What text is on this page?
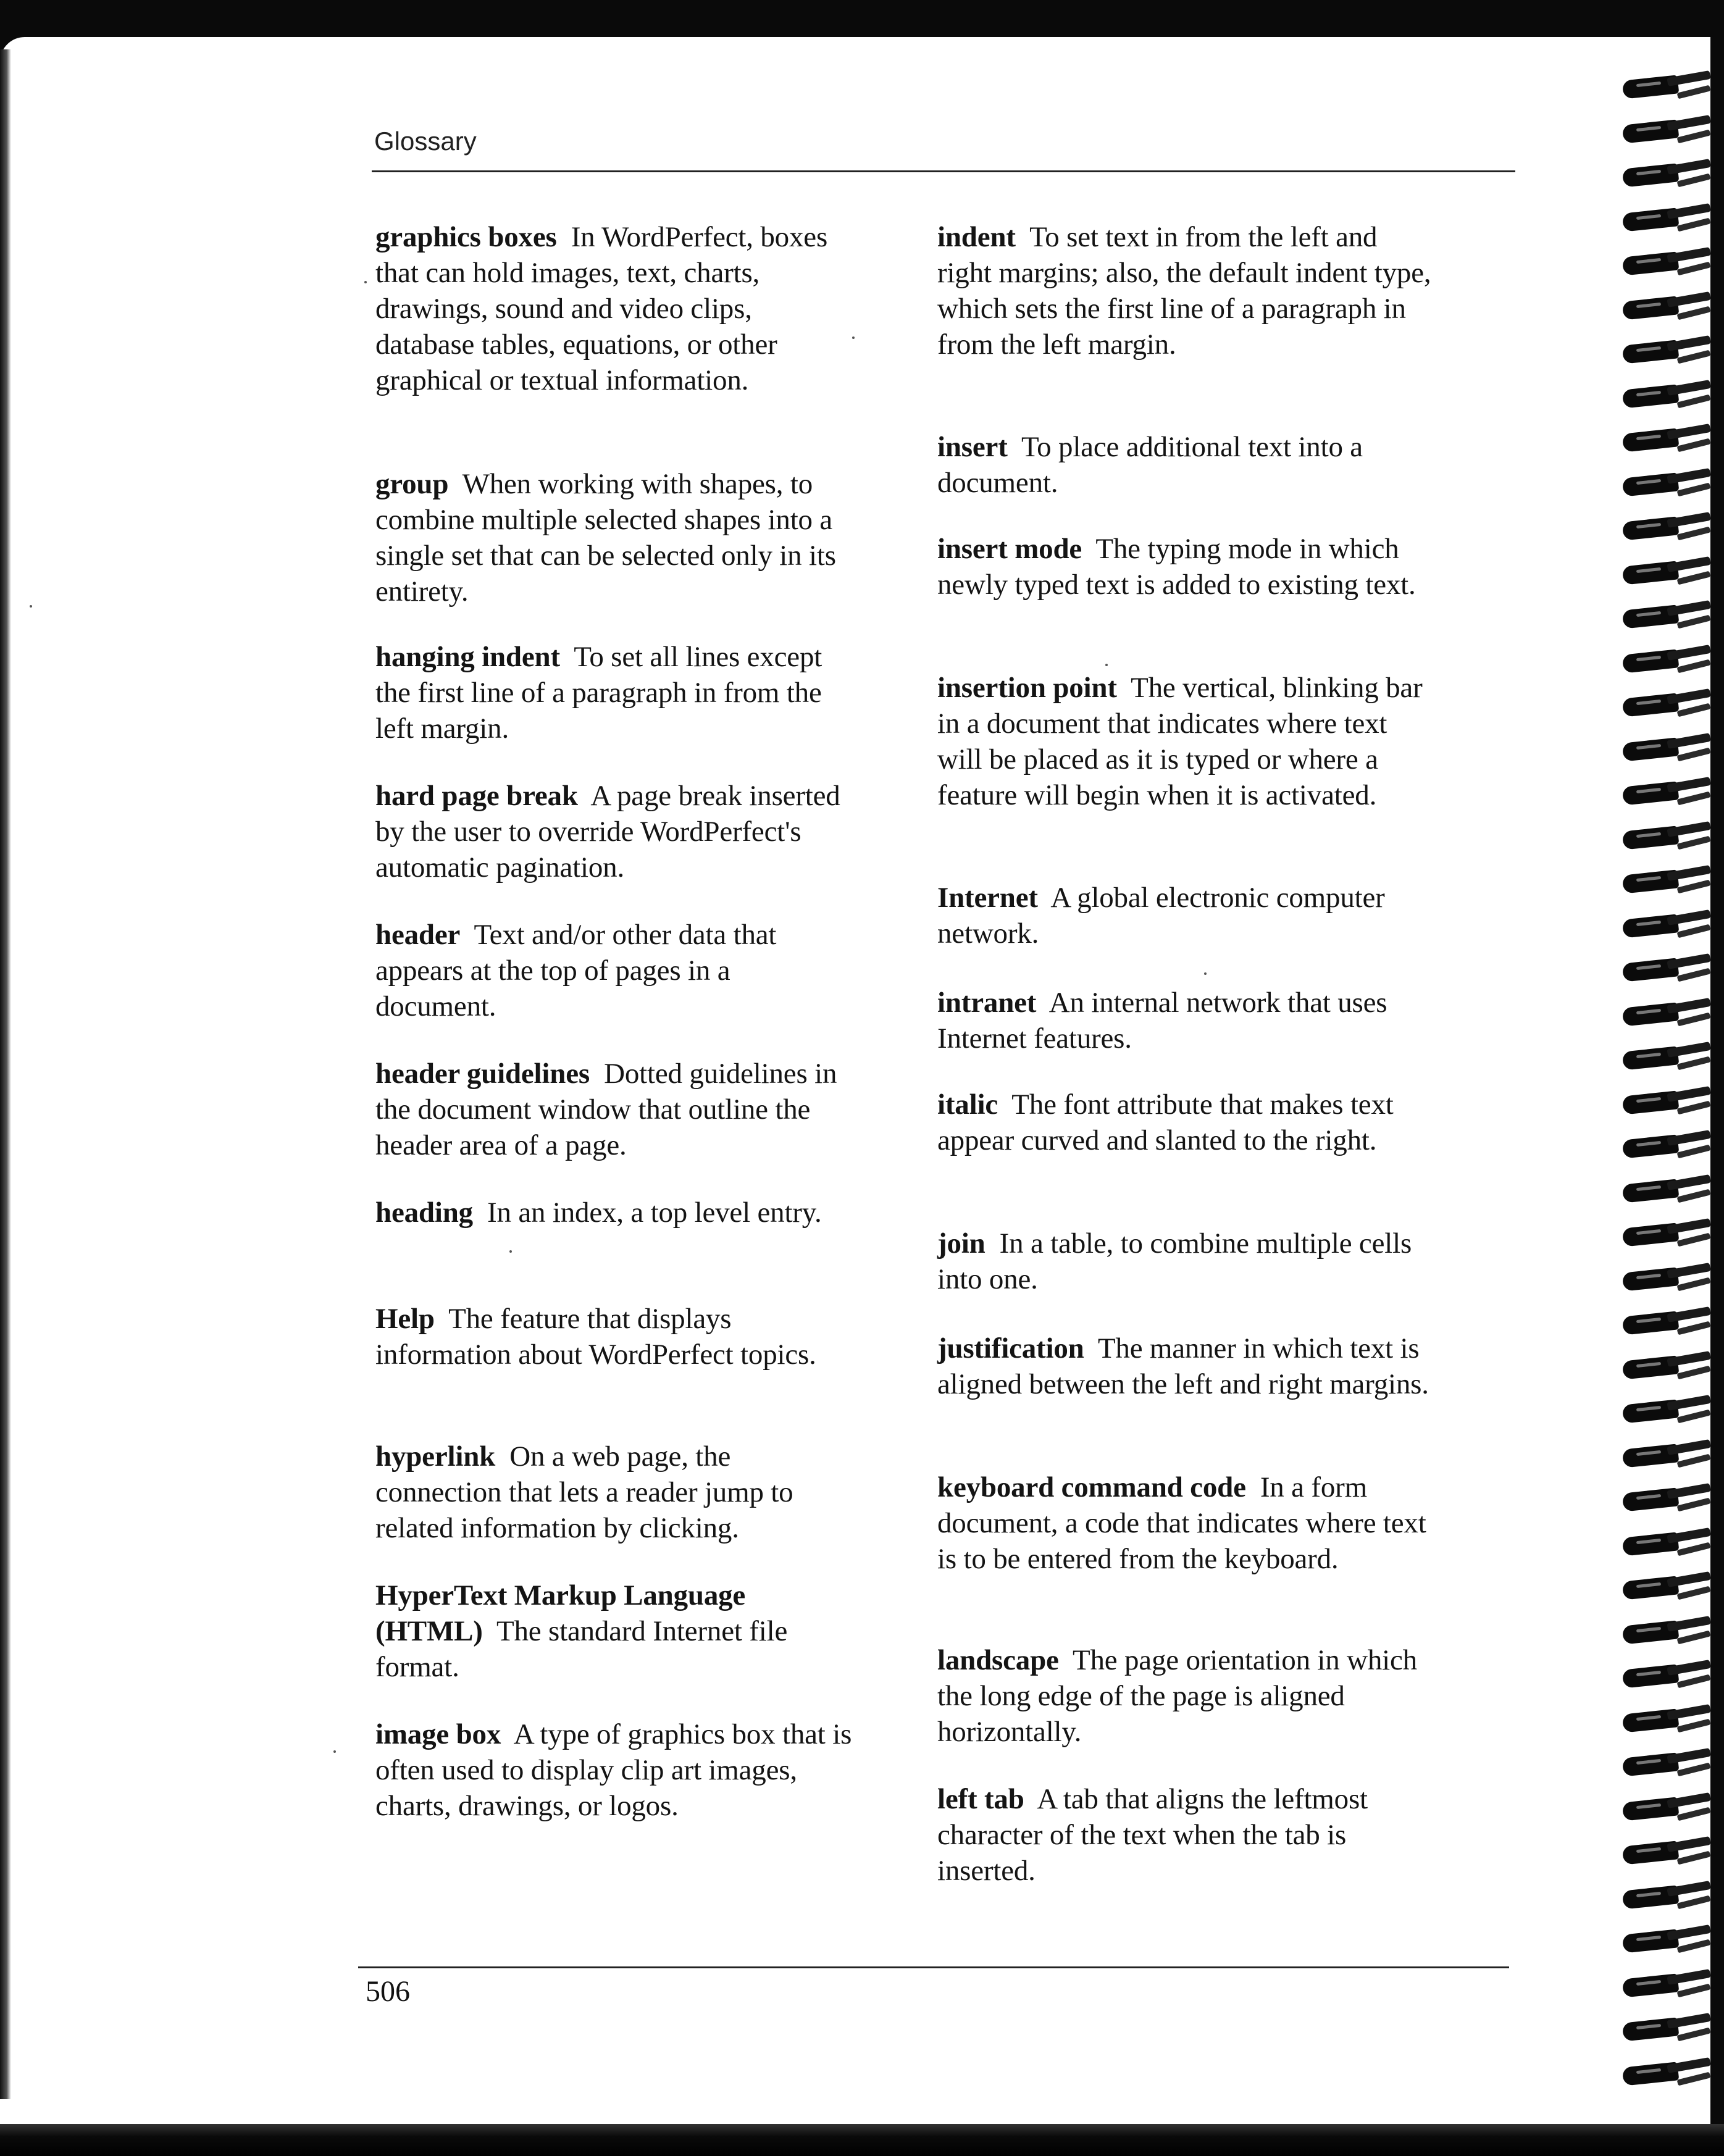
Glossary

graphics boxes In WordPerfect, boxes that can hold images, text, charts, drawings, sound and video clips, database tables, equations, or other graphical or textual information.

group When working with shapes, to combine multiple selected shapes into a single set that can be selected only in its entirety.

hanging indent To set all lines except the first line of a paragraph in from the left margin.

hard page break A page break inserted by the user to override WordPerfect's automatic pagination.

header Text and/or other data that appears at the top of pages in a document.

header guidelines Dotted guidelines in the document window that outline the header area of a page.

heading In an index, a top level entry.

Help The feature that displays information about WordPerfect topics.

hyperlink On a web page, the connection that lets a reader jump to related information by clicking.

HyperText Markup Language (HTML) The standard Internet file format.

image box A type of graphics box that is often used to display clip art images, charts, drawings, or logos.

indent To set text in from the left and right margins; also, the default indent type, which sets the first line of a paragraph in from the left margin.

insert To place additional text into a document.

insert mode The typing mode in which newly typed text is added to existing text.

insertion point The vertical, blinking bar in a document that indicates where text will be placed as it is typed or where a feature will begin when it is activated.

Internet A global electronic computer network.

intranet An internal network that uses Internet features.

italic The font attribute that makes text appear curved and slanted to the right.

join In a table, to combine multiple cells into one.

justification The manner in which text is aligned between the left and right margins.

keyboard command code In a form document, a code that indicates where text is to be entered from the keyboard.

landscape The page orientation in which the long edge of the page is aligned horizontally.

left tab A tab that aligns the leftmost character of the text when the tab is inserted.

506
